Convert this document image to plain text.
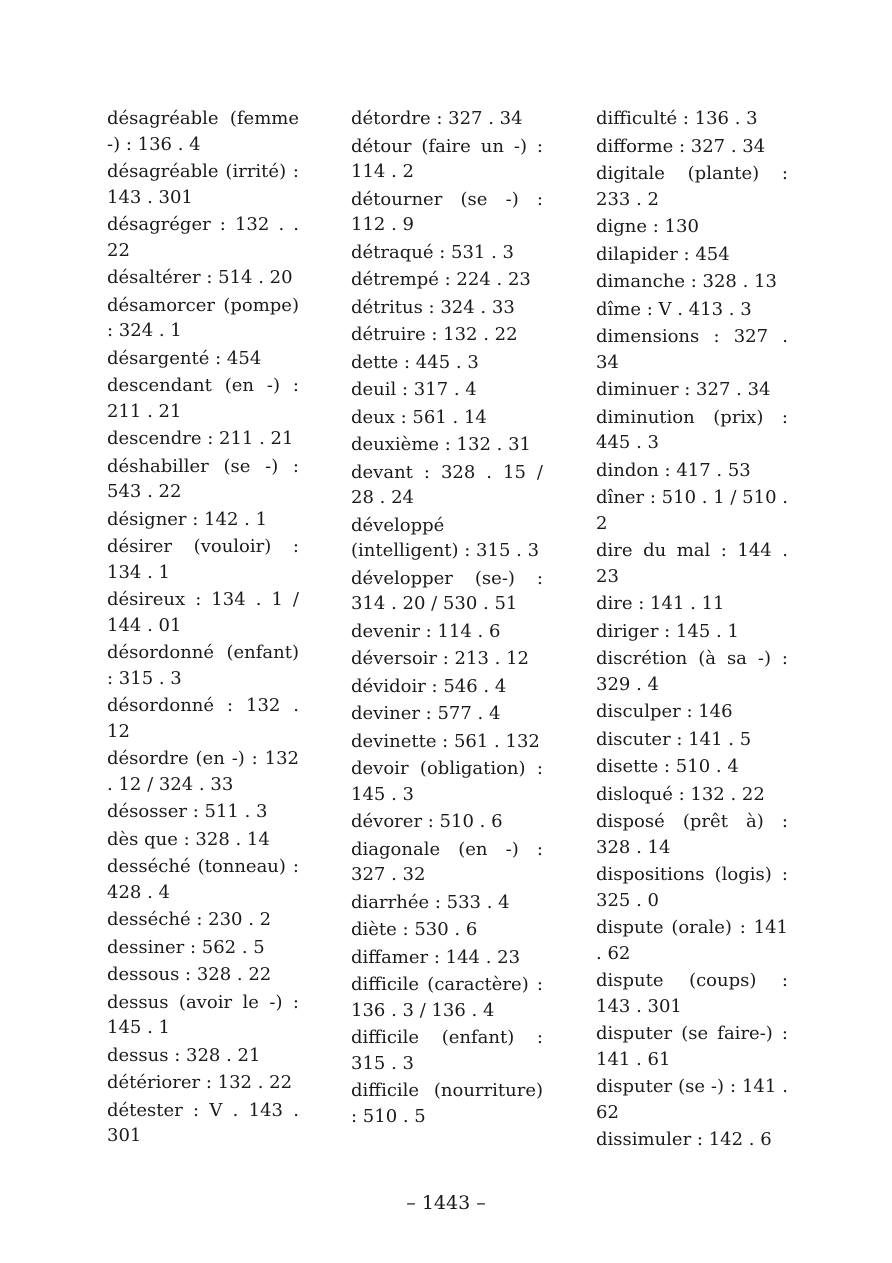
désagréable (femme -) : 136 . 4
désagréable (irrité) : 143 . 301
désagréger : 132 . . 22
désaltérer : 514 . 20
désamorcer (pompe) : 324 . 1
désargenté : 454
descendant (en -) : 211 . 21
descendre : 211 . 21
déshabiller (se -) : 543 . 22
désigner : 142 . 1
désirer (vouloir) : 134 . 1
désireux : 134 . 1 / 144 . 01
désordonné (enfant) : 315 . 3
désordonné : 132 . 12
désordre (en -) : 132 . 12 / 324 . 33
désosser : 511 . 3
dès que : 328 . 14
desséché (tonneau) : 428 . 4
desséché : 230 . 2
dessiner : 562 . 5
dessous : 328 . 22
dessus (avoir le -) : 145 . 1
dessus : 328 . 21
détériorer : 132 . 22
détester : V . 143 . 301
détordre : 327 . 34
détour (faire un -) : 114 . 2
détourner (se -) : 112 . 9
détraqué : 531 . 3
détrempé : 224 . 23
détritus : 324 . 33
détruire : 132 . 22
dette : 445 . 3
deuil : 317 . 4
deux : 561 . 14
deuxième : 132 . 31
devant : 328 . 15 / 28 . 24
développé (intelligent) : 315 . 3
développer (se-) : 314 . 20 / 530 . 51
devenir : 114 . 6
déversoir : 213 . 12
dévidoir : 546 . 4
deviner : 577 . 4
devinette : 561 . 132
devoir (obligation) : 145 . 3
dévorer : 510 . 6
diagonale (en -) : 327 . 32
diarrhée : 533 . 4
diète : 530 . 6
diffamer : 144 . 23
difficile (caractère) : 136 . 3 / 136 . 4
difficile (enfant) : 315 . 3
difficile (nourriture) : 510 . 5
difficulté : 136 . 3
difforme : 327 . 34
digitale (plante) : 233 . 2
digne : 130
dilapider : 454
dimanche : 328 . 13
dîme : V . 413 . 3
dimensions : 327 . 34
diminuer : 327 . 34
diminution (prix) : 445 . 3
dindon : 417 . 53
dîner : 510 . 1 / 510 . 2
dire du mal : 144 . 23
dire : 141 . 11
diriger : 145 . 1
discrétion (à sa -) : 329 . 4
disculper : 146
discuter : 141 . 5
disette : 510 . 4
disloqué : 132 . 22
disposé (prêt à) : 328 . 14
dispositions (logis) : 325 . 0
dispute (orale) : 141 . 62
dispute (coups) : 143 . 301
disputer (se faire-) : 141 . 61
disputer (se -) : 141 . 62
dissimuler : 142 . 6
– 1443 –
